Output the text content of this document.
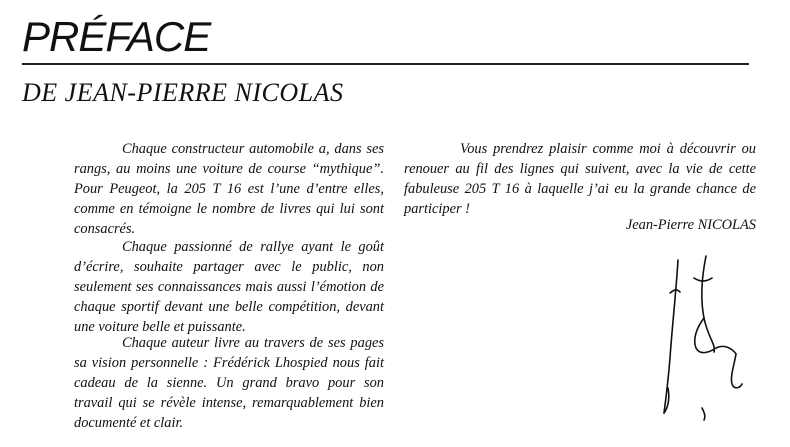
PRÉFACE
DE JEAN-PIERRE NICOLAS

Chaque constructeur automobile a, dans ses rangs, au moins une voiture de course “mythique”. Pour Peugeot, la 205 T 16 est l’une d’entre elles, comme en témoigne le nombre de livres qui lui sont consacrés.

Chaque passionné de rallye ayant le goût d’écrire, souhaite partager avec le public, non seulement ses connaissances mais aussi l’émotion de chaque sportif devant une belle compétition, devant une voiture belle et puissante.

Chaque auteur livre au travers de ses pages sa vision personnelle : Frédérick Lhospied nous fait cadeau de la sienne. Un grand bravo pour son travail qui se révèle intense, remarquablement bien documenté et clair.

Vous prendrez plaisir comme moi à découvrir ou renouer au fil des lignes qui suivent, avec la vie de cette fabuleuse 205 T 16 à laquelle j’ai eu la grande chance de participer !

Jean-Pierre NICOLAS
